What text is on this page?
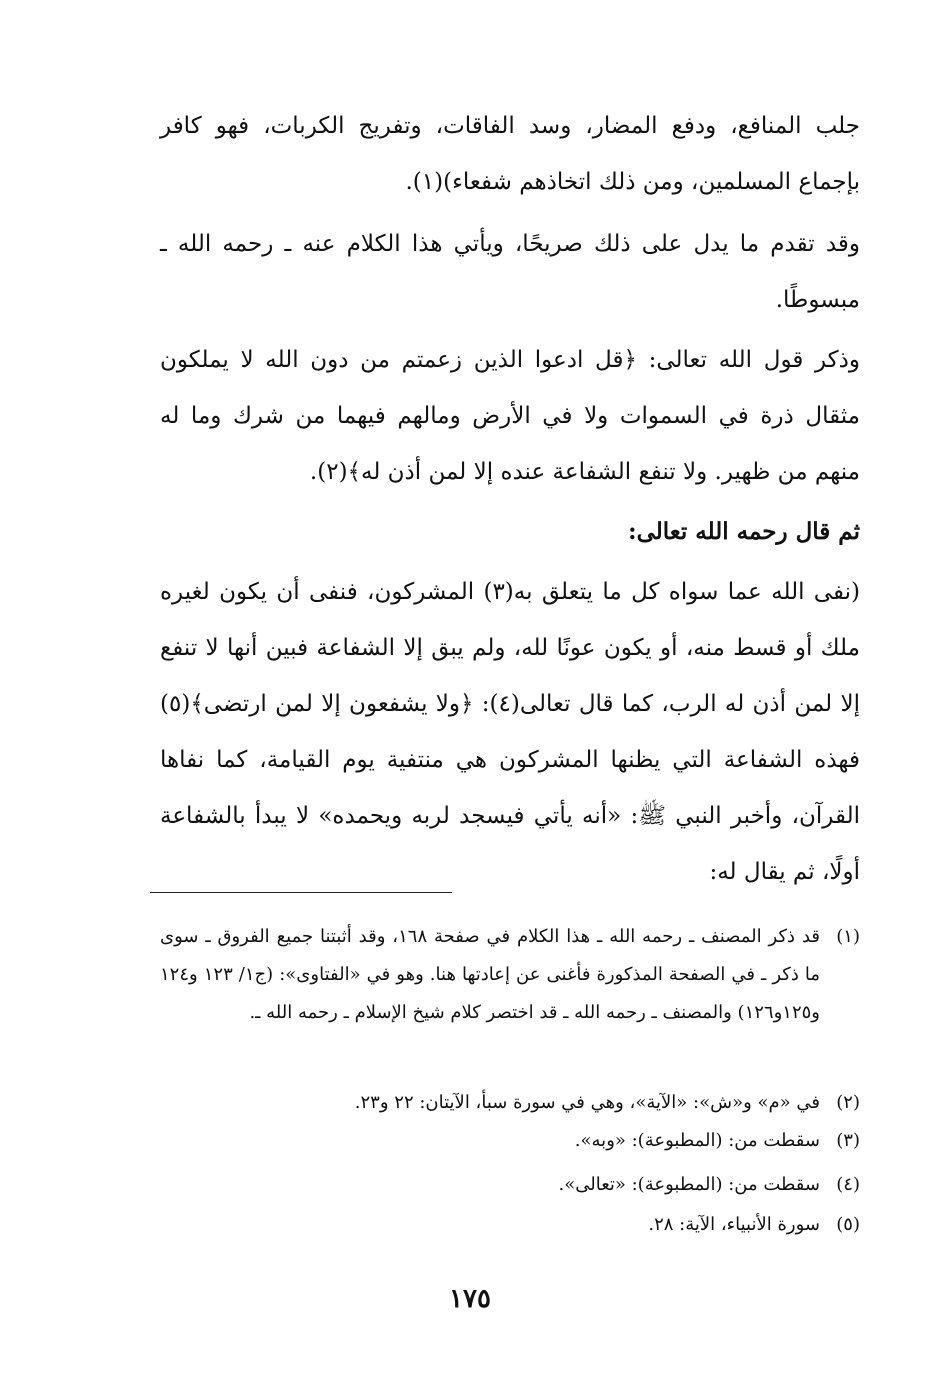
جلب المنافع، ودفع المضار، وسد الفاقات، وتفريج الكربات، فهو كافر بإجماع المسلمين، ومن ذلك اتخاذهم شفعاء)(١).

وقد تقدم ما يدل على ذلك صريحًا، ويأتي هذا الكلام عنه ـ رحمه الله ـ مبسوطًا.

وذكر قول الله تعالى: ﴿قل ادعوا الذين زعمتم من دون الله لا يملكون مثقال ذرة في السموات ولا في الأرض ومالهم فيهما من شرك وما له منهم من ظهير. ولا تنفع الشفاعة عنده إلا لمن أذن له﴾(٢).

ثم قال رحمه الله تعالى:

(نفى الله عما سواه كل ما يتعلق به(٣) المشركون، فنفى أن يكون لغيره ملك أو قسط منه، أو يكون عونًا لله، ولم يبق إلا الشفاعة فبين أنها لا تنفع إلا لمن أذن له الرب، كما قال تعالى(٤): ﴿ولا يشفعون إلا لمن ارتضى﴾(٥) فهذه الشفاعة التي يظنها المشركون هي منتفية يوم القيامة، كما نفاها القرآن، وأخبر النبي ﷺ: «أنه يأتي فيسجد لربه ويحمده» لا يبدأ بالشفاعة أولًا، ثم يقال له:

(١)
قد ذكر المصنف ـ رحمه الله ـ هذا الكلام في صفحة ١٦٨، وقد أثبتنا جميع الفروق ـ سوى ما ذكر ـ في الصفحة المذكورة فأغنى عن إعادتها هنا. وهو في «الفتاوى»: (ج١/ ١٢٣ و١٢٤ و١٢٥و١٢٦) والمصنف ـ رحمه الله ـ قد اختصر كلام شيخ الإسلام ـ رحمه الله ـ.
(٢)
في «م» و«ش»: «الآية»، وهي في سورة سبأ، الآيتان: ٢٢ و٢٣.
(٣)
سقطت من: (المطبوعة): «وبه».
(٤)
سقطت من: (المطبوعة): «تعالى».
(٥)
سورة الأنبياء، الآية: ٢٨.
١٧٥
